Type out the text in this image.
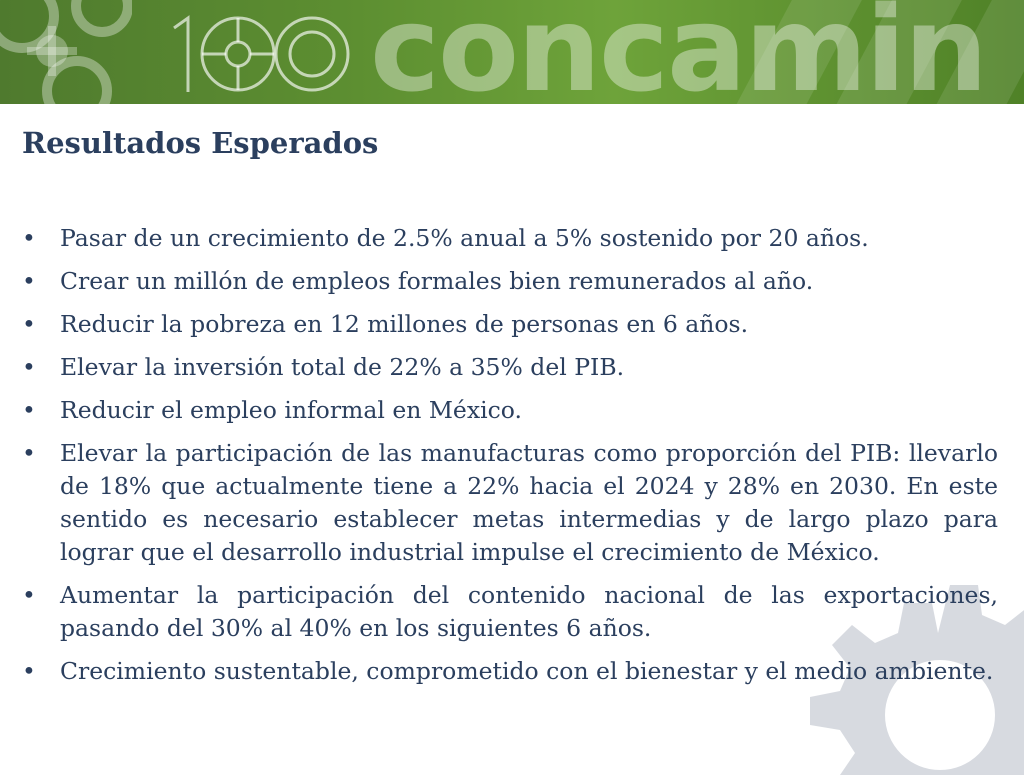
concamin
Resultados Esperados
• Pasar de un crecimiento de 2.5% anual a 5% sostenido por 20 años.
• Crear un millón de empleos formales bien remunerados al año.
• Reducir la pobreza en 12 millones de personas en 6 años.
• Elevar la inversión total de 22% a 35% del PIB.
• Reducir el empleo informal en México.
• Elevar la participación de las manufacturas como proporción del PIB: llevarlo de 18% que actualmente tiene a 22% hacia el 2024 y 28% en 2030. En este sentido es necesario establecer metas intermedias y de largo plazo para lograr que el desarrollo industrial impulse el crecimiento de México.
• Aumentar la participación del contenido nacional de las exportaciones, pasando del 30% al 40% en los siguientes 6 años.
• Crecimiento sustentable, comprometido con el bienestar y el medio ambiente.
